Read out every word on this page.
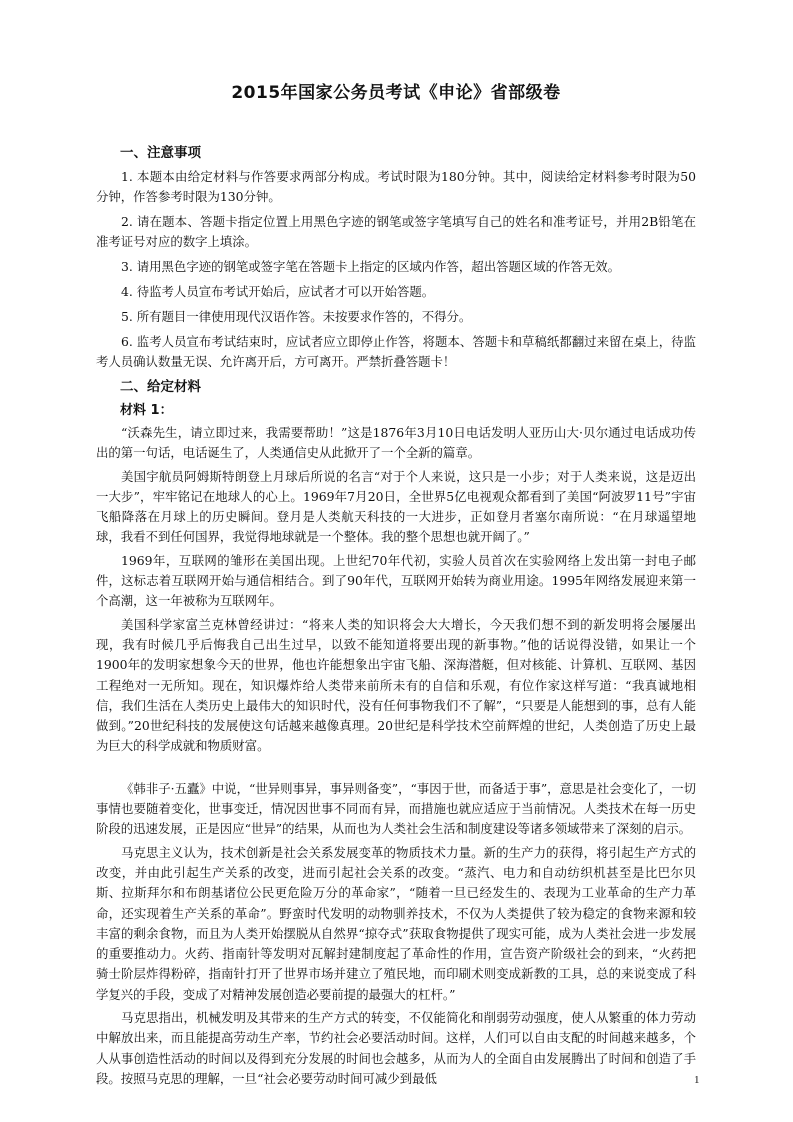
2015年国家公务员考试《申论》省部级卷
一、注意事项

1. 本题本由给定材料与作答要求两部分构成。考试时限为180分钟。其中，阅读给定材料参考时限为50分钟，作答参考时限为130分钟。

2. 请在题本、答题卡指定位置上用黑色字迹的钢笔或签字笔填写自己的姓名和准考证号，并用2B铅笔在准考证号对应的数字上填涂。

3. 请用黑色字迹的钢笔或签字笔在答题卡上指定的区域内作答，超出答题区域的作答无效。

4. 待监考人员宣布考试开始后，应试者才可以开始答题。

5. 所有题目一律使用现代汉语作答。未按要求作答的，不得分。

6. 监考人员宣布考试结束时，应试者应立即停止作答，将题本、答题卡和草稿纸都翻过来留在桌上，待监考人员确认数量无误、允许离开后，方可离开。严禁折叠答题卡！

二、给定材料
材料 1：

“沃森先生，请立即过来，我需要帮助！”这是1876年3月10日电话发明人亚历山大·贝尔通过电话成功传出的第一句话，电话诞生了，人类通信史从此掀开了一个全新的篇章。

美国宇航员阿姆斯特朗登上月球后所说的名言“对于个人来说，这只是一小步；对于人类来说，这是迈出一大步”，牢牢铭记在地球人的心上。1969年7月20日，全世界5亿电视观众都看到了美国“阿波罗11号”宇宙飞船降落在月球上的历史瞬间。登月是人类航天科技的一大进步，正如登月者塞尔南所说：“在月球遥望地球，我看不到任何国界，我觉得地球就是一个整体。我的整个思想也就开阔了。”

1969年，互联网的雏形在美国出现。上世纪70年代初，实验人员首次在实验网络上发出第一封电子邮件，这标志着互联网开始与通信相结合。到了90年代，互联网开始转为商业用途。1995年网络发展迎来第一个高潮，这一年被称为互联网年。

美国科学家富兰克林曾经讲过：“将来人类的知识将会大大增长，今天我们想不到的新发明将会屡屡出现，我有时候几乎后悔我自己出生过早，以致不能知道将要出现的新事物。”他的话说得没错，如果让一个1900年的发明家想象今天的世界，他也许能想象出宇宙飞船、深海潜艇，但对核能、计算机、互联网、基因工程绝对一无所知。现在，知识爆炸给人类带来前所未有的自信和乐观，有位作家这样写道：“我真诚地相信，我们生活在人类历史上最伟大的知识时代，没有任何事物我们不了解”，“只要是人能想到的事，总有人能做到。”20世纪科技的发展使这句话越来越像真理。20世纪是科学技术空前辉煌的世纪，人类创造了历史上最为巨大的科学成就和物质财富。

《韩非子·五蠹》中说，“世异则事异，事异则备变”，“事因于世，而备适于事”，意思是社会变化了，一切事情也要随着变化，世事变迁，情况因世事不同而有异，而措施也就应适应于当前情况。人类技术在每一历史阶段的迅速发展，正是因应“世异”的结果，从而也为人类社会生活和制度建设等诸多领域带来了深刻的启示。

马克思主义认为，技术创新是社会关系发展变革的物质技术力量。新的生产力的获得，将引起生产方式的改变，并由此引起生产关系的改变，进而引起社会关系的改变。“蒸汽、电力和自动纺织机甚至是比巴尔贝斯、拉斯拜尔和布朗基诸位公民更危险万分的革命家”，“随着一旦已经发生的、表现为工业革命的生产力革命，还实现着生产关系的革命”。野蛮时代发明的动物驯养技术，不仅为人类提供了较为稳定的食物来源和较丰富的剩余食物，而且为人类开始摆脱从自然界“掠夺式”获取食物提供了现实可能，成为人类社会进一步发展的重要推动力。火药、指南针等发明对瓦解封建制度起了革命性的作用，宣告资产阶级社会的到来，“火药把骑士阶层炸得粉碎，指南针打开了世界市场并建立了殖民地，而印刷术则变成新教的工具，总的来说变成了科学复兴的手段，变成了对精神发展创造必要前提的最强大的杠杆。”

马克思指出，机械发明及其带来的生产方式的转变，不仅能简化和削弱劳动强度，使人从繁重的体力劳动中解放出来，而且能提高劳动生产率，节约社会必要活动时间。这样，人们可以自由支配的时间越来越多，个人从事创造性活动的时间以及得到充分发展的时间也会越多，从而为人的全面自由发展腾出了时间和创造了手段。按照马克思的理解，一旦“社会必要劳动时间可减少到最低	1
